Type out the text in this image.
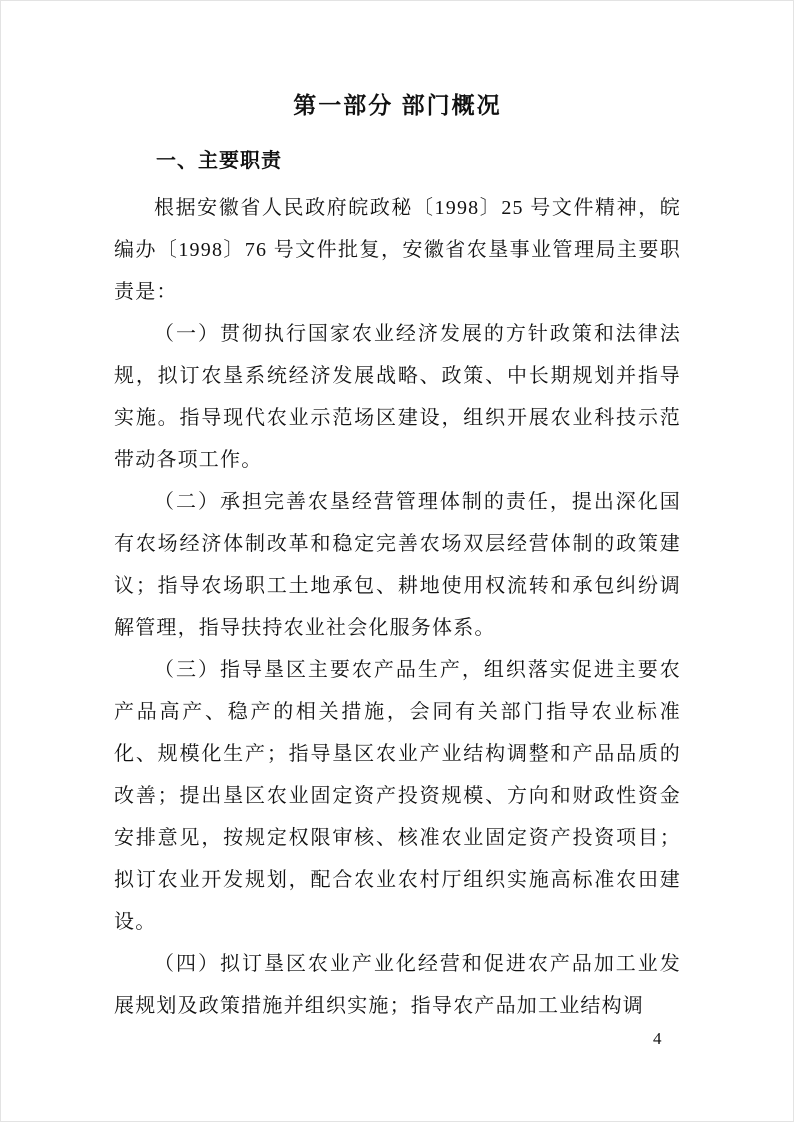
第一部分 部门概况
一、主要职责

根据安徽省人民政府皖政秘〔1998〕25 号文件精神，皖编办〔1998〕76 号文件批复，安徽省农垦事业管理局主要职责是：

（一）贯彻执行国家农业经济发展的方针政策和法律法规，拟订农垦系统经济发展战略、政策、中长期规划并指导实施。指导现代农业示范场区建设，组织开展农业科技示范带动各项工作。

（二）承担完善农垦经营管理体制的责任，提出深化国有农场经济体制改革和稳定完善农场双层经营体制的政策建议；指导农场职工土地承包、耕地使用权流转和承包纠纷调解管理，指导扶持农业社会化服务体系。

（三）指导垦区主要农产品生产，组织落实促进主要农产品高产、稳产的相关措施，会同有关部门指导农业标准化、规模化生产；指导垦区农业产业结构调整和产品品质的改善；提出垦区农业固定资产投资规模、方向和财政性资金安排意见，按规定权限审核、核准农业固定资产投资项目；拟订农业开发规划，配合农业农村厅组织实施高标准农田建设。

（四）拟订垦区农业产业化经营和促进农产品加工业发展规划及政策措施并组织实施；指导农产品加工业结构调

4
